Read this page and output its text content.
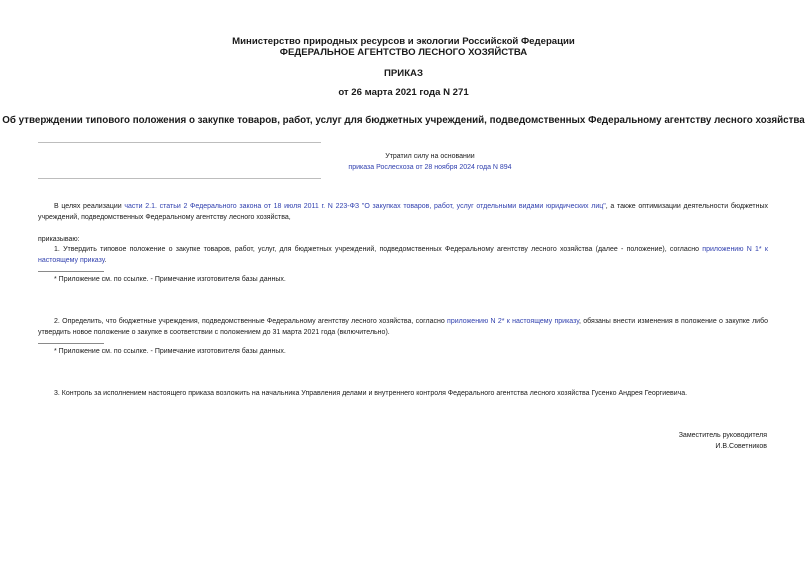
Министерство природных ресурсов и экологии Российской Федерации
ФЕДЕРАЛЬНОЕ АГЕНТСТВО ЛЕСНОГО ХОЗЯЙСТВА
ПРИКАЗ
от 26 марта 2021 года N 271
Об утверждении типового положения о закупке товаров, работ, услуг для бюджетных учреждений, подведомственных Федеральному агентству лесного хозяйства
Утратил силу на основании
приказа Рослесхоза от 28 ноября 2024 года N 894
В целях реализации части 2.1. статьи 2 Федерального закона от 18 июля 2011 г. N 223-ФЗ "О закупках товаров, работ, услуг отдельными видами юридических лиц", а также оптимизации деятельности бюджетных учреждений, подведомственных Федеральному агентству лесного хозяйства,
приказываю:
1. Утвердить типовое положение о закупке товаров, работ, услуг, для бюджетных учреждений, подведомственных Федеральному агентству лесного хозяйства (далее - положение), согласно приложению N 1* к настоящему приказу.
* Приложение см. по ссылке. - Примечание изготовителя базы данных.
2. Определить, что бюджетные учреждения, подведомственные Федеральному агентству лесного хозяйства, согласно приложению N 2* к настоящему приказу, обязаны внести изменения в положение о закупке либо утвердить новое положение о закупке в соответствии с положением до 31 марта 2021 года (включительно).
* Приложение см. по ссылке. - Примечание изготовителя базы данных.
3. Контроль за исполнением настоящего приказа возложить на начальника Управления делами и внутреннего контроля Федерального агентства лесного хозяйства Гусенко Андрея Георгиевича.
Заместитель руководителя
И.В.Советников
